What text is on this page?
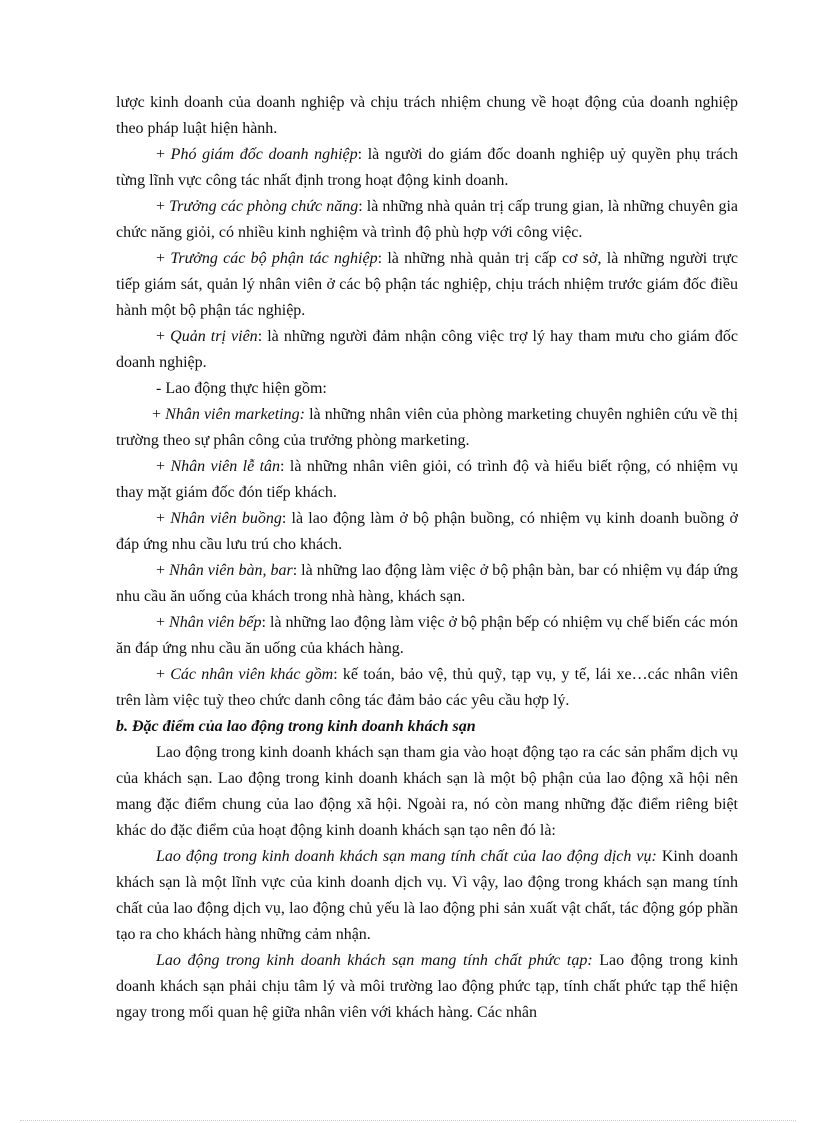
lược kinh doanh của doanh nghiệp và chịu trách nhiệm chung về hoạt động của doanh nghiệp theo pháp luật hiện hành.

+ Phó giám đốc doanh nghiệp: là người do giám đốc doanh nghiệp uỷ quyền phụ trách từng lĩnh vực công tác nhất định trong hoạt động kinh doanh.

+ Trưởng các phòng chức năng: là những nhà quản trị cấp trung gian, là những chuyên gia chức năng giỏi, có nhiều kinh nghiệm và trình độ phù hợp với công việc.

+ Trưởng các bộ phận tác nghiệp: là những nhà quản trị cấp cơ sở, là những người trực tiếp giám sát, quản lý nhân viên ở các bộ phận tác nghiệp, chịu trách nhiệm trước giám đốc điều hành một bộ phận tác nghiệp.

+ Quản trị viên: là những người đảm nhận công việc trợ lý hay tham mưu cho giám đốc doanh nghiệp.

- Lao động thực hiện gồm:

+ Nhân viên marketing: là những nhân viên của phòng marketing chuyên nghiên cứu về thị trường theo sự phân công của trưởng phòng marketing.

+ Nhân viên lễ tân: là những nhân viên giỏi, có trình độ và hiểu biết rộng, có nhiệm vụ thay mặt giám đốc đón tiếp khách.

+ Nhân viên buồng: là lao động làm ở bộ phận buồng, có nhiệm vụ kinh doanh buồng ở đáp ứng nhu cầu lưu trú cho khách.

+ Nhân viên bàn, bar: là những lao động làm việc ở bộ phận bàn, bar có nhiệm vụ đáp ứng nhu cầu ăn uống của khách trong nhà hàng, khách sạn.

+ Nhân viên bếp: là những lao động làm việc ở bộ phận bếp có nhiệm vụ chế biến các món ăn đáp ứng nhu cầu ăn uống của khách hàng.

+ Các nhân viên khác gồm: kế toán, bảo vệ, thủ quỹ, tạp vụ, y tế, lái xe…các nhân viên trên làm việc tuỳ theo chức danh công tác đảm bảo các yêu cầu hợp lý.

b. Đặc điểm của lao động trong kinh doanh khách sạn

Lao động trong kinh doanh khách sạn tham gia vào hoạt động tạo ra các sản phẩm dịch vụ của khách sạn. Lao động trong kinh doanh khách sạn là một bộ phận của lao động xã hội nên mang đặc điểm chung của lao động xã hội. Ngoài ra, nó còn mang những đặc điểm riêng biệt khác do đặc điểm của hoạt động kinh doanh khách sạn tạo nên đó là:

Lao động trong kinh doanh khách sạn mang tính chất của lao động dịch vụ: Kinh doanh khách sạn là một lĩnh vực của kinh doanh dịch vụ. Vì vậy, lao động trong khách sạn mang tính chất của lao động dịch vụ, lao động chủ yếu là lao động phi sản xuất vật chất, tác động góp phần tạo ra cho khách hàng những cảm nhận.

Lao động trong kinh doanh khách sạn mang tính chất phức tạp: Lao động trong kinh doanh khách sạn phải chịu tâm lý và môi trường lao động phức tạp, tính chất phức tạp thể hiện ngay trong mối quan hệ giữa nhân viên với khách hàng. Các nhân
